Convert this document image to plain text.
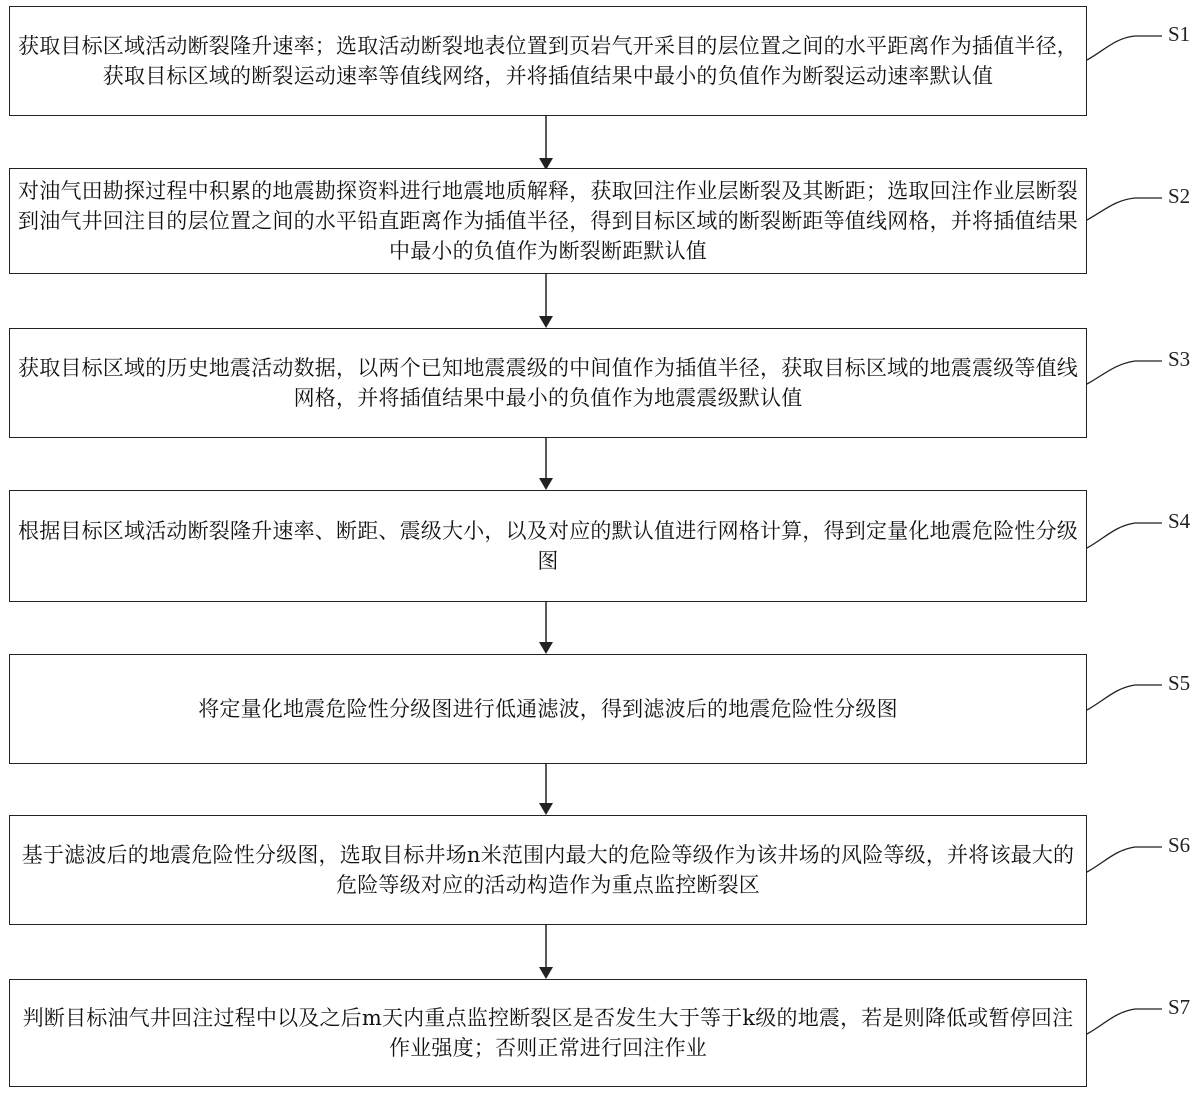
获取目标区域活动断裂隆升速率；选取活动断裂地表位置到页岩气开采目的层位置之间的水平距离作为插值半径，获取目标区域的断裂运动速率等值线网络，并将插值结果中最小的负值作为断裂运动速率默认值
对油气田勘探过程中积累的地震勘探资料进行地震地质解释，获取回注作业层断裂及其断距；选取回注作业层断裂到油气井回注目的层位置之间的水平铅直距离作为插值半径，得到目标区域的断裂断距等值线网格，并将插值结果中最小的负值作为断裂断距默认值
获取目标区域的历史地震活动数据，以两个已知地震震级的中间值作为插值半径，获取目标区域的地震震级等值线网格，并将插值结果中最小的负值作为地震震级默认值
根据目标区域活动断裂隆升速率、断距、震级大小，以及对应的默认值进行网格计算，得到定量化地震危险性分级图
将定量化地震危险性分级图进行低通滤波，得到滤波后的地震危险性分级图
基于滤波后的地震危险性分级图，选取目标井场n米范围内最大的危险等级作为该井场的风险等级，并将该最大的危险等级对应的活动构造作为重点监控断裂区
判断目标油气井回注过程中以及之后m天内重点监控断裂区是否发生大于等于k级的地震，若是则降低或暂停回注作业强度；否则正常进行回注作业
S1
S2
S3
S4
S5
S6
S7
